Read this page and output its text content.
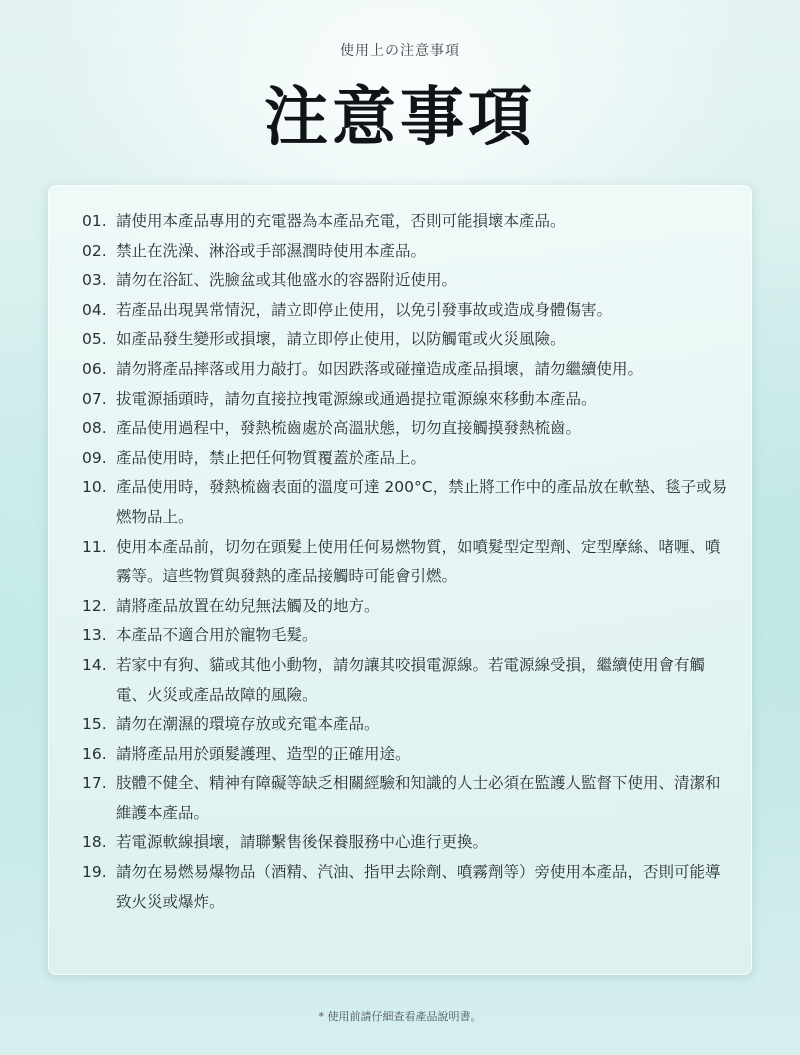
使用上の注意事項
注意事項
01. 請使用本產品專用的充電器為本產品充電，否則可能損壞本產品。
02. 禁止在洗澡、淋浴或手部濕潤時使用本產品。
03. 請勿在浴缸、洗臉盆或其他盛水的容器附近使用。
04. 若產品出現異常情況，請立即停止使用，以免引發事故或造成身體傷害。
05. 如產品發生變形或損壞，請立即停止使用，以防觸電或火災風險。
06. 請勿將產品摔落或用力敲打。如因跌落或碰撞造成產品損壞，請勿繼續使用。
07. 拔電源插頭時，請勿直接拉拽電源線或通過提拉電源線來移動本產品。
08. 產品使用過程中，發熱梳齒處於高溫狀態，切勿直接觸摸發熱梳齒。
09. 產品使用時，禁止把任何物質覆蓋於產品上。
10. 產品使用時，發熱梳齒表面的溫度可達 200°C，禁止將工作中的產品放在軟墊、毯子或易燃物品上。
11. 使用本產品前，切勿在頭髮上使用任何易燃物質，如噴髮型定型劑、定型摩絲、啫喱、噴霧等。這些物質與發熱的產品接觸時可能會引燃。
12. 請將產品放置在幼兒無法觸及的地方。
13. 本產品不適合用於寵物毛髮。
14. 若家中有狗、貓或其他小動物，請勿讓其咬損電源線。若電源線受損，繼續使用會有觸電、火災或產品故障的風險。
15. 請勿在潮濕的環境存放或充電本產品。
16. 請將產品用於頭髮護理、造型的正確用途。
17. 肢體不健全、精神有障礙等缺乏相關經驗和知識的人士必須在監護人監督下使用、清潔和維護本產品。
18. 若電源軟線損壞，請聯繫售後保養服務中心進行更換。
19. 請勿在易燃易爆物品（酒精、汽油、指甲去除劑、噴霧劑等）旁使用本產品，否則可能導致火災或爆炸。
* 使用前請仔細查看產品說明書。
